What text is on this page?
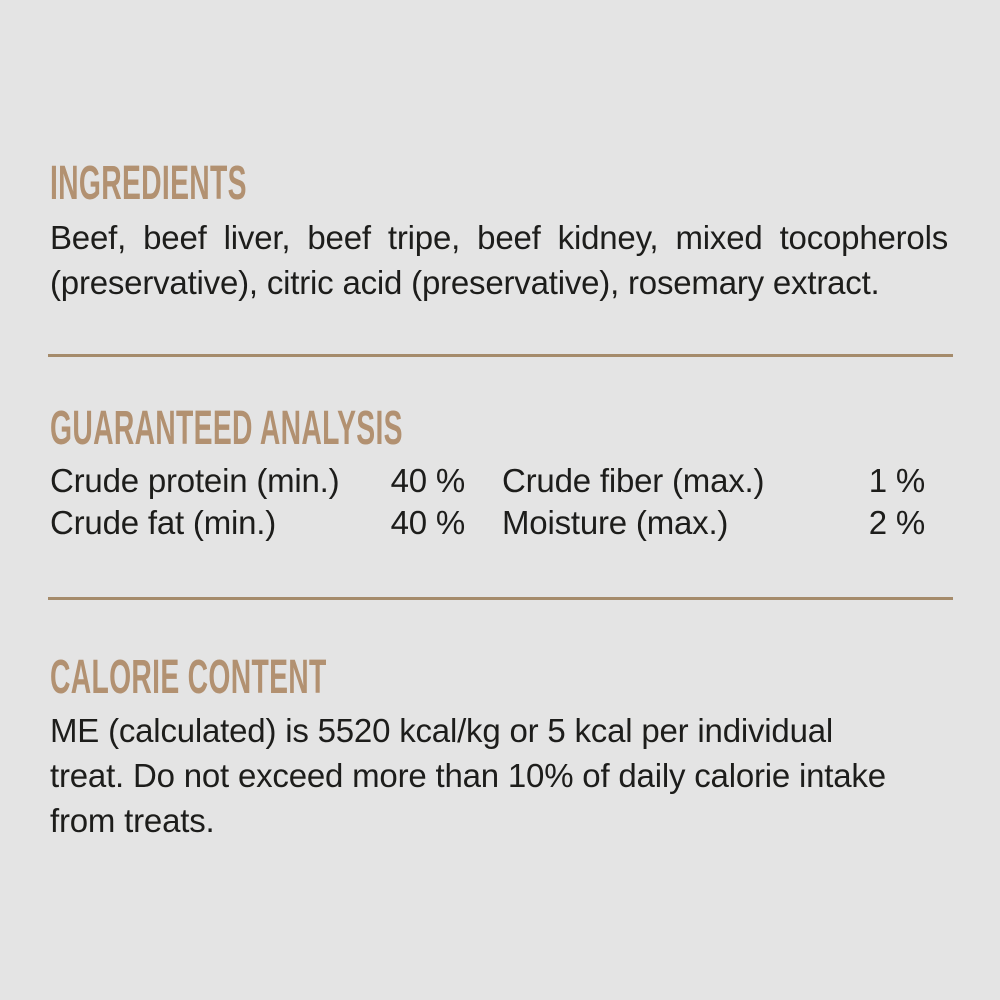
INGREDIENTS
Beef, beef liver, beef tripe, beef kidney, mixed tocopherols
(preservative), citric acid (preservative), rosemary extract.
GUARANTEED ANALYSIS
Crude protein (min.) 40 % Crude fiber (max.)	1 %
Crude fat (min.)	40 % Moisture (max.)	2 %
CALORIE CONTENT
ME (calculated) is 5520 kcal/kg or 5 kcal per individual
treat. Do not exceed more than 10% of daily calorie intake
from treats.
